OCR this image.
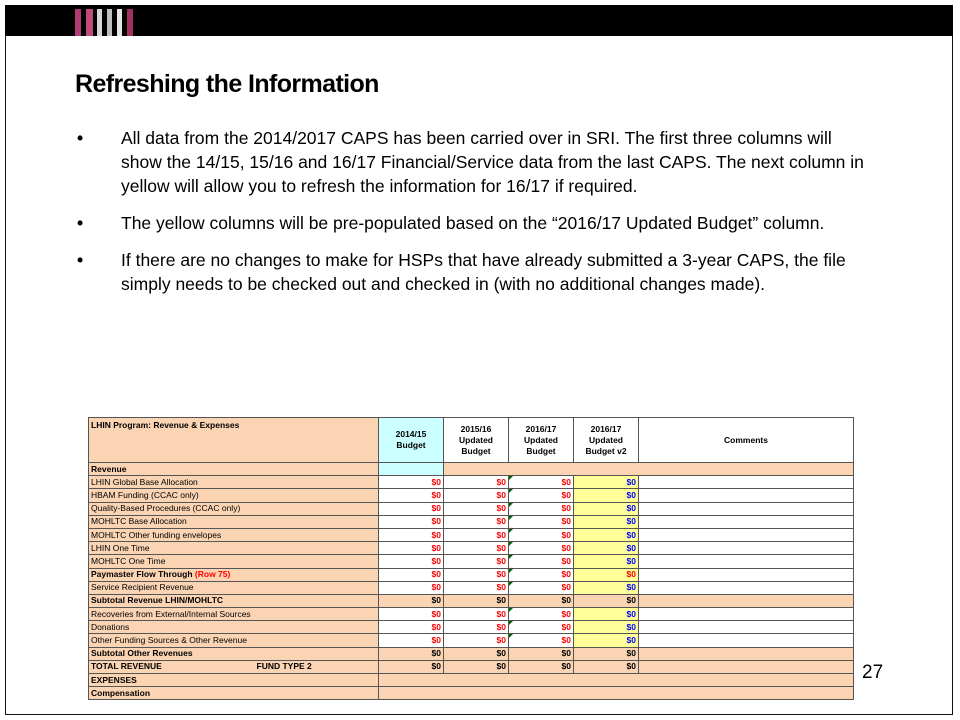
Refreshing the Information
• All data from the 2014/2017 CAPS has been carried over in SRI. The first three columns will show the 14/15, 15/16 and 16/17 Financial/Service data from the last CAPS. The next column in yellow will allow you to refresh the information for 16/17 if required.
• The yellow columns will be pre-populated based on the “2016/17 Updated Budget” column.
• If there are no changes to make for HSPs that have already submitted a 3-year CAPS, the file simply needs to be checked out and checked in (with no additional changes made).
LHIN Program: Revenue & Expenses	2014/15 Budget	2015/16 Updated Budget	2016/17 Updated Budget	2016/17 Updated Budget v2	Comments
Revenue					
LHIN Global Base Allocation	$0	$0	$0	$0	
HBAM Funding (CCAC only)	$0	$0	$0	$0	
Quality-Based Procedures (CCAC only)	$0	$0	$0	$0	
MOHLTC Base Allocation	$0	$0	$0	$0	
MOHLTC Other funding envelopes	$0	$0	$0	$0	
LHIN One Time	$0	$0	$0	$0	
MOHLTC One Time	$0	$0	$0	$0	
Paymaster Flow Through (Row 75)	$0	$0	$0	$0	
Service Recipient Revenue	$0	$0	$0	$0	
Subtotal Revenue LHIN/MOHLTC	$0	$0	$0	$0	
Recoveries from External/Internal Sources	$0	$0	$0	$0	
Donations	$0	$0	$0	$0	
Other Funding Sources & Other Revenue	$0	$0	$0	$0	
Subtotal Other Revenues	$0	$0	$0	$0	
TOTAL REVENUE FUND TYPE 2	$0	$0	$0	$0	
EXPENSES					
Compensation					
27
